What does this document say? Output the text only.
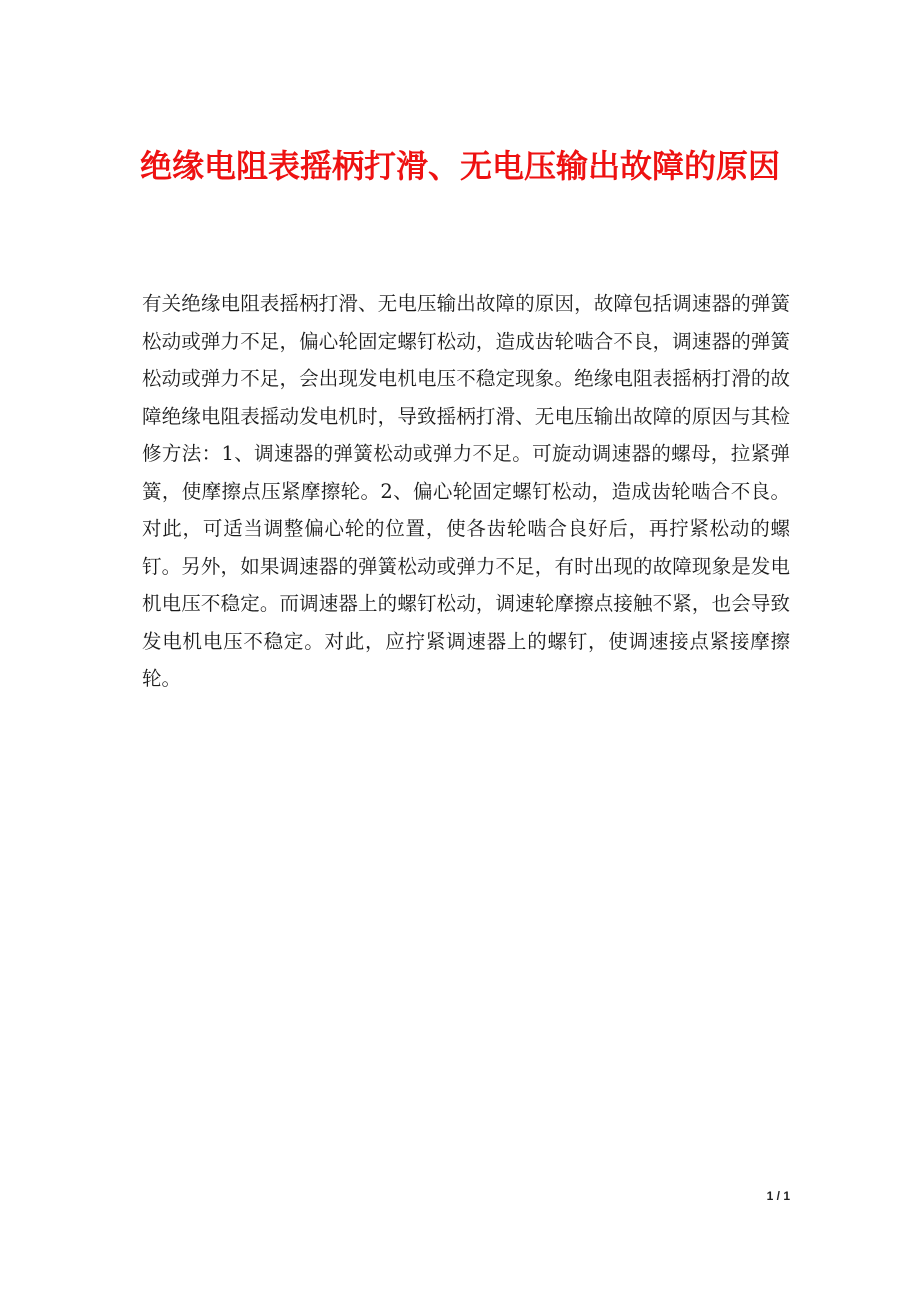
绝缘电阻表摇柄打滑、无电压输出故障的原因

有关绝缘电阻表摇柄打滑、无电压输出故障的原因，故障包括调速器的弹簧松动或弹力不足，偏心轮固定螺钉松动，造成齿轮啮合不良，调速器的弹簧松动或弹力不足，会出现发电机电压不稳定现象。绝缘电阻表摇柄打滑的故障绝缘电阻表摇动发电机时，导致摇柄打滑、无电压输出故障的原因与其检修方法：1、调速器的弹簧松动或弹力不足。可旋动调速器的螺母，拉紧弹簧，使摩擦点压紧摩擦轮。2、偏心轮固定螺钉松动，造成齿轮啮合不良。对此，可适当调整偏心轮的位置，使各齿轮啮合良好后，再拧紧松动的螺钉。另外，如果调速器的弹簧松动或弹力不足，有时出现的故障现象是发电机电压不稳定。而调速器上的螺钉松动，调速轮摩擦点接触不紧，也会导致发电机电压不稳定。对此，应拧紧调速器上的螺钉，使调速接点紧接摩擦轮。

1 / 1
